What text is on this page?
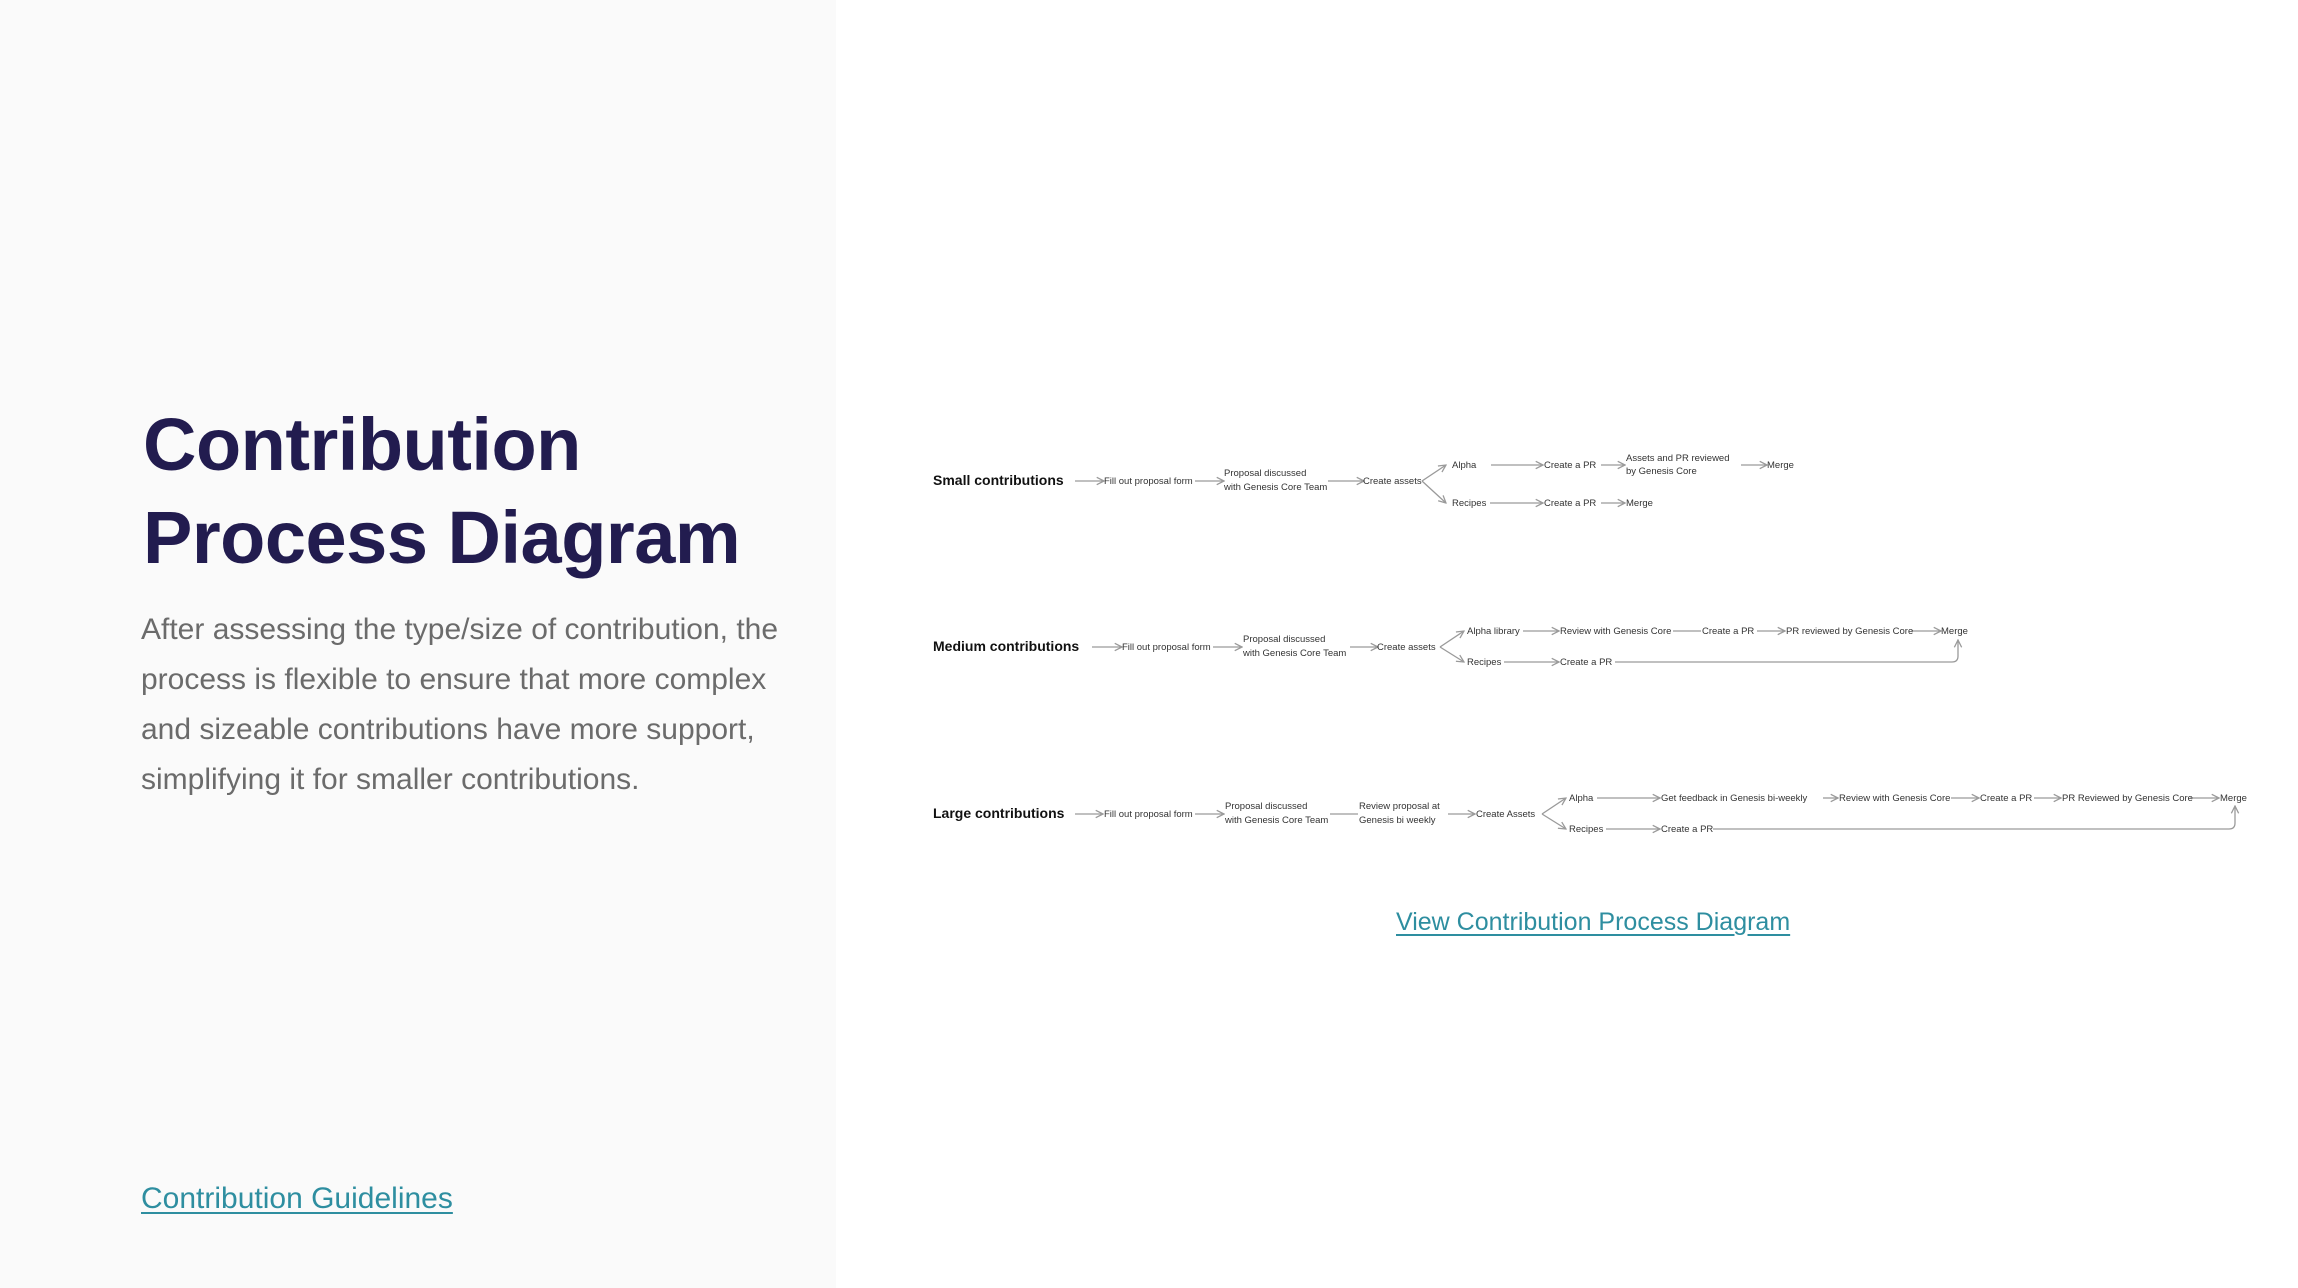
Contribution
Process Diagram

After assessing the type/size of contribution, the process is flexible to ensure that more complex and sizeable contributions have more support, simplifying it for smaller contributions.

Contribution Guidelines
Small contributions	Fill out proposal form
Proposal discussed
with Genesis Core Team
Create assets
Alpha	Create a PR
Assets and PR reviewed
by Genesis Core
Merge
Recipes	Create a PR	Merge
Medium contributions	Fill out proposal form
Proposal discussed
with Genesis Core Team
Create assets
Alpha library	Review with Genesis Core	Create a PR	PR reviewed by Genesis Core	Merge
Recipes	Create a PR
Large contributions	Fill out proposal form
Proposal discussed
with Genesis Core Team
Review proposal at
Genesis bi weekly
Create Assets
Alpha	Get feedback in Genesis bi-weekly	Review with Genesis Core	Create a PR	PR Reviewed by Genesis Core	Merge
Recipes	Create a PR
View Contribution Process Diagram
